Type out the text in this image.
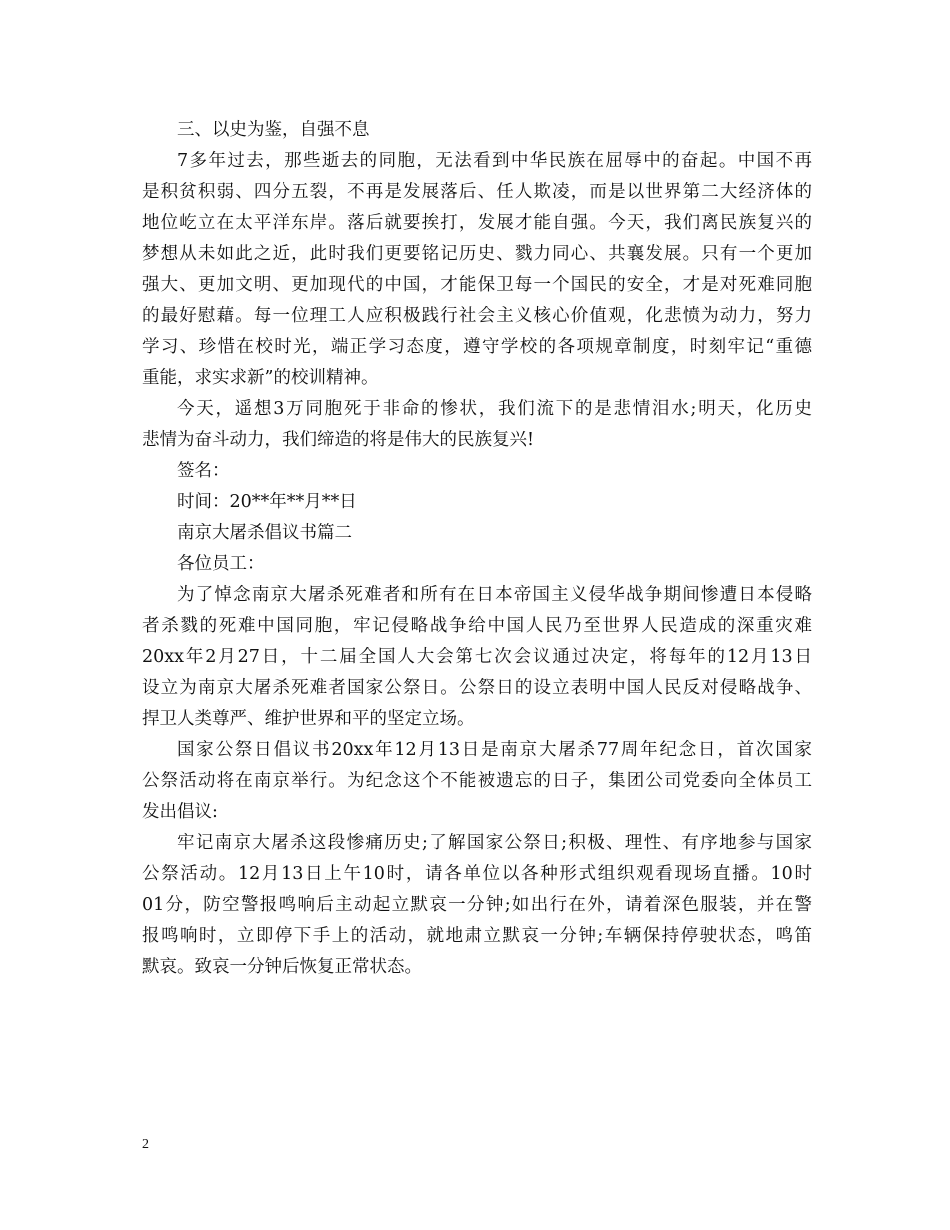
三、以史为鉴，自强不息
7多年过去，那些逝去的同胞，无法看到中华民族在屈辱中的奋起。中国不再
是积贫积弱、四分五裂，不再是发展落后、任人欺凌，而是以世界第二大经济体的
地位屹立在太平洋东岸。落后就要挨打，发展才能自强。今天，我们离民族复兴的
梦想从未如此之近，此时我们更要铭记历史、戮力同心、共襄发展。只有一个更加
强大、更加文明、更加现代的中国，才能保卫每一个国民的安全，才是对死难同胞
的最好慰藉。每一位理工人应积极践行社会主义核心价值观，化悲愤为动力，努力
学习、珍惜在校时光，端正学习态度，遵守学校的各项规章制度，时刻牢记“重德
重能，求实求新”的校训精神。
今天，遥想3万同胞死于非命的惨状，我们流下的是悲情泪水;明天，化历史
悲情为奋斗动力，我们缔造的将是伟大的民族复兴!
签名：
时间：20**年**月**日
南京大屠杀倡议书篇二
各位员工：
为了悼念南京大屠杀死难者和所有在日本帝国主义侵华战争期间惨遭日本侵略
者杀戮的死难中国同胞，牢记侵略战争给中国人民乃至世界人民造成的深重灾难
20xx年2月27日，十二届全国人大会第七次会议通过决定，将每年的12月13日
设立为南京大屠杀死难者国家公祭日。公祭日的设立表明中国人民反对侵略战争、
捍卫人类尊严、维护世界和平的坚定立场。
国家公祭日倡议书20xx年12月13日是南京大屠杀77周年纪念日，首次国家
公祭活动将在南京举行。为纪念这个不能被遗忘的日子，集团公司党委向全体员工
发出倡议:
牢记南京大屠杀这段惨痛历史;了解国家公祭日;积极、理性、有序地参与国家
公祭活动。12月13日上午10时，请各单位以各种形式组织观看现场直播。10时
01分，防空警报鸣响后主动起立默哀一分钟;如出行在外，请着深色服装，并在警
报鸣响时，立即停下手上的活动，就地肃立默哀一分钟;车辆保持停驶状态，鸣笛
默哀。致哀一分钟后恢复正常状态。
2
